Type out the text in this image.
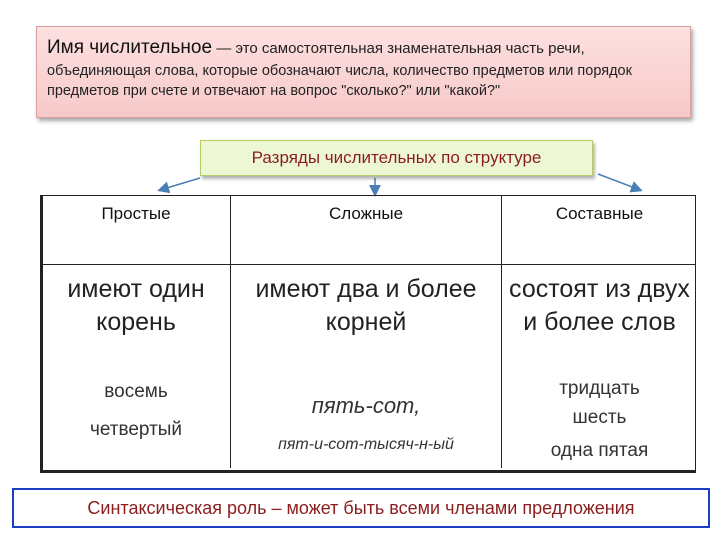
Имя числительное — это самостоятельная знаменательная часть речи,
объединяющая слова, которые обозначают числа, количество предметов или порядок предметов при счете и отвечают на вопрос "сколько?" или "какой?"
Разряды числительных по структуре
Простые
имеют один корень
восемь
четвертый
Сложные
имеют два и более корней
пять-сот,
пят-и-сот-тысяч-н-ый
Составные
состоят из двух и более слов
тридцать
шесть
одна пятая
Синтаксическая роль – может быть всеми членами предложения
